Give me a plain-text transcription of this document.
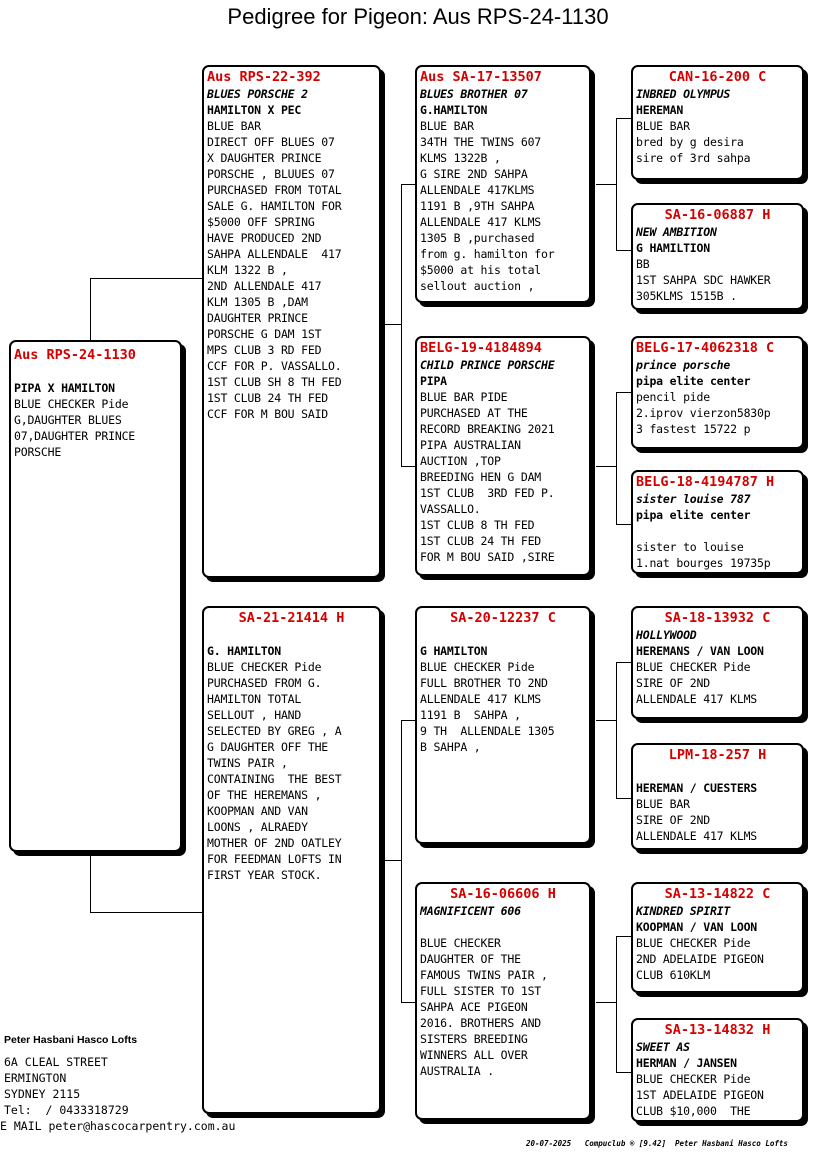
Pedigree for Pigeon: Aus RPS-24-1130
Aus RPS-24-1130
PIPA X HAMILTON
BLUE CHECKER Pide
G,DAUGHTER BLUES
07,DAUGHTER PRINCE
PORSCHE
Aus RPS-22-392
BLUES PORSCHE 2
HAMILTON X PEC
BLUE BAR
DIRECT OFF BLUES 07
X DAUGHTER PRINCE
PORSCHE , BLUUES 07
PURCHASED FROM TOTAL
SALE G. HAMILTON FOR
$5000 OFF SPRING
HAVE PRODUCED 2ND
SAHPA ALLENDALE  417
KLM 1322 B ,
2ND ALLENDALE 417
KLM 1305 B ,DAM
DAUGHTER PRINCE
PORSCHE G DAM 1ST
MPS CLUB 3 RD FED
CCF FOR P. VASSALLO.
1ST CLUB SH 8 TH FED
1ST CLUB 24 TH FED
CCF FOR M BOU SAID
SA-21-21414 H
G. HAMILTON
BLUE CHECKER Pide
PURCHASED FROM G.
HAMILTON TOTAL
SELLOUT , HAND
SELECTED BY GREG , A
G DAUGHTER OFF THE
TWINS PAIR ,
CONTAINING  THE BEST
OF THE HEREMANS ,
KOOPMAN AND VAN
LOONS , ALRAEDY
MOTHER OF 2ND OATLEY
FOR FEEDMAN LOFTS IN
FIRST YEAR STOCK.
Aus SA-17-13507
BLUES BROTHER 07
G.HAMILTON
BLUE BAR
34TH THE TWINS 607
KLMS 1322B ,
G SIRE 2ND SAHPA
ALLENDALE 417KLMS
1191 B ,9TH SAHPA
ALLENDALE 417 KLMS
1305 B ,purchased
from g. hamilton for
$5000 at his total
sellout auction ,
BELG-19-4184894
CHILD PRINCE PORSCHE
PIPA
BLUE BAR PIDE
PURCHASED AT THE
RECORD BREAKING 2021
PIPA AUSTRALIAN
AUCTION ,TOP
BREEDING HEN G DAM
1ST CLUB  3RD FED P.
VASSALLO.
1ST CLUB 8 TH FED
1ST CLUB 24 TH FED
FOR M BOU SAID ,SIRE
SA-20-12237 C
G HAMILTON
BLUE CHECKER Pide
FULL BROTHER TO 2ND
ALLENDALE 417 KLMS
1191 B  SAHPA ,
9 TH  ALLENDALE 1305
B SAHPA ,
SA-16-06606 H
MAGNIFICENT 606
BLUE CHECKER
DAUGHTER OF THE
FAMOUS TWINS PAIR ,
FULL SISTER TO 1ST
SAHPA ACE PIGEON
2016. BROTHERS AND
SISTERS BREEDING
WINNERS ALL OVER
AUSTRALIA .
CAN-16-200 C
INBRED OLYMPUS
HEREMAN
BLUE BAR
bred by g desira
sire of 3rd sahpa
SA-16-06887 H
NEW AMBITION
G HAMILTION
BB
1ST SAHPA SDC HAWKER
305KLMS 1515B .
BELG-17-4062318 C
prince porsche
pipa elite center
pencil pide
2.iprov vierzon5830p
3 fastest 15722 p
BELG-18-4194787 H
sister louise 787
pipa elite center
sister to louise
1.nat bourges 19735p
SA-18-13932 C
HOLLYWOOD
HEREMANS / VAN LOON
BLUE CHECKER Pide
SIRE OF 2ND
ALLENDALE 417 KLMS
LPM-18-257 H
HEREMAN / CUESTERS
BLUE BAR
SIRE OF 2ND
ALLENDALE 417 KLMS
SA-13-14822 C
KINDRED SPIRIT
KOOPMAN / VAN LOON
BLUE CHECKER Pide
2ND ADELAIDE PIGEON
CLUB 610KLM
SA-13-14832 H
SWEET AS
HERMAN / JANSEN
BLUE CHECKER Pide
1ST ADELAIDE PIGEON
CLUB $10,000  THE
Peter Hasbani Hasco Lofts
6A CLEAL STREET
ERMINGTON
SYDNEY 2115
Tel:  / 0433318729
E MAIL peter@hascocarpentry.com.au
20-07-2025   Compuclub ® [9.42]  Peter Hasbani Hasco Lofts
